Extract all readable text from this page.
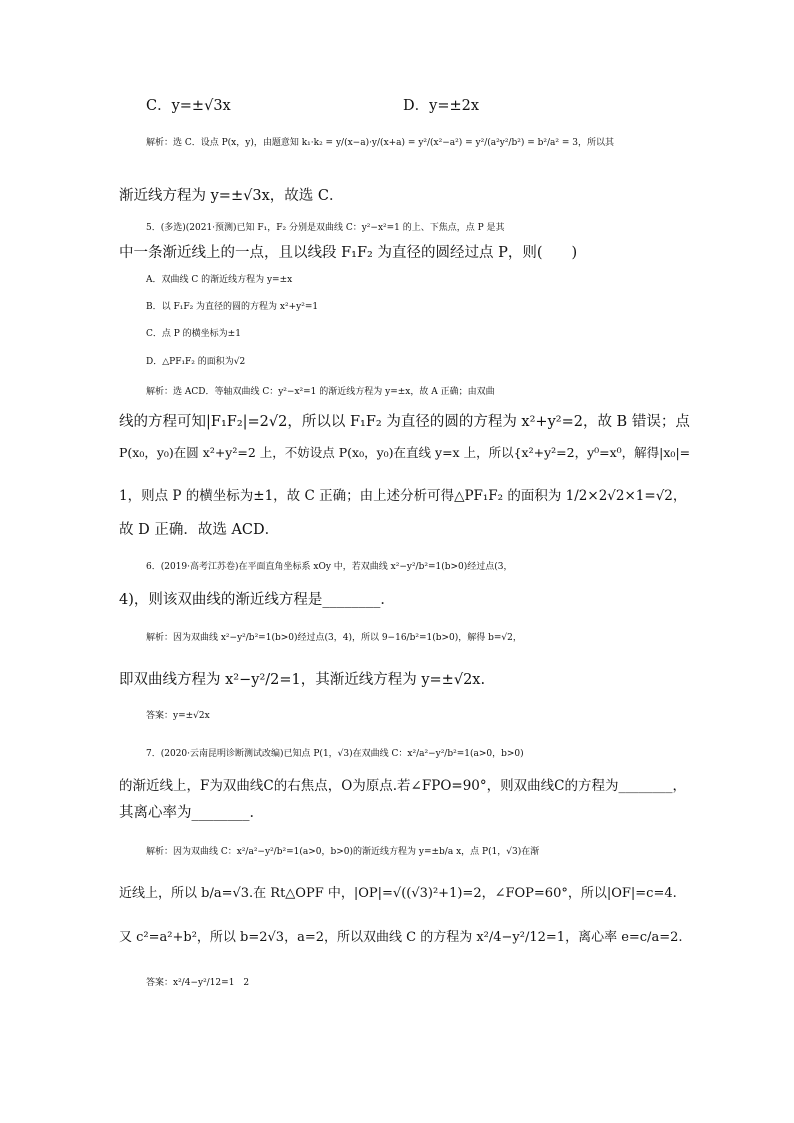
C．y=±√3x	D．y=±2x
解析：选 C．设点 P(x，y)，由题意知 k₁·k₂ = y/(x−a)·y/(x+a) = y²/(x²−a²) = y²/(a²y²/b²) = b²/a² = 3，所以其
渐近线方程为 y=±√3x，故选 C．
5．(多选)(2021·预测)已知 F₁，F₂ 分别是双曲线 C：y²−x²=1 的上、下焦点，点 P 是其
中一条渐近线上的一点，且以线段 F₁F₂ 为直径的圆经过点 P，则(　　)
A．双曲线 C 的渐近线方程为 y=±x
B．以 F₁F₂ 为直径的圆的方程为 x²+y²=1
C．点 P 的横坐标为±1
D．△PF₁F₂ 的面积为√2
解析：选 ACD．等轴双曲线 C：y²−x²=1 的渐近线方程为 y=±x，故 A 正确；由双曲
线的方程可知|F₁F₂|=2√2，所以以 F₁F₂ 为直径的圆的方程为 x²+y²=2，故 B 错误；点
P(x₀，y₀)在圆 x²+y²=2 上，不妨设点 P(x₀，y₀)在直线 y=x 上，所以{x²+y²=2，y⁰=x⁰，解得|x₀|=
1，则点 P 的横坐标为±1，故 C 正确；由上述分析可得△PF₁F₂ 的面积为 1/2×2√2×1=√2，
故 D 正确．故选 ACD．
6．(2019·高考江苏卷)在平面直角坐标系 xOy 中，若双曲线 x²−y²/b²=1(b>0)经过点(3，
4)，则该双曲线的渐近线方程是________．
解析：因为双曲线 x²−y²/b²=1(b>0)经过点(3，4)，所以 9−16/b²=1(b>0)，解得 b=√2，
即双曲线方程为 x²−y²/2=1，其渐近线方程为 y=±√2x.
答案：y=±√2x
7．(2020·云南昆明诊断测试改编)已知点 P(1，√3)在双曲线 C：x²/a²−y²/b²=1(a>0，b>0)
的渐近线上，F为双曲线C的右焦点，O为原点.若∠FPO=90°，则双曲线C的方程为________，
其离心率为________．
解析：因为双曲线 C：x²/a²−y²/b²=1(a>0，b>0)的渐近线方程为 y=±b/a x，点 P(1，√3)在渐
近线上，所以 b/a=√3.在 Rt△OPF 中，|OP|=√((√3)²+1)=2，∠FOP=60°，所以|OF|=c=4.
又 c²=a²+b²，所以 b=2√3，a=2，所以双曲线 C 的方程为 x²/4−y²/12=1，离心率 e=c/a=2.
答案：x²/4−y²/12=1　2
